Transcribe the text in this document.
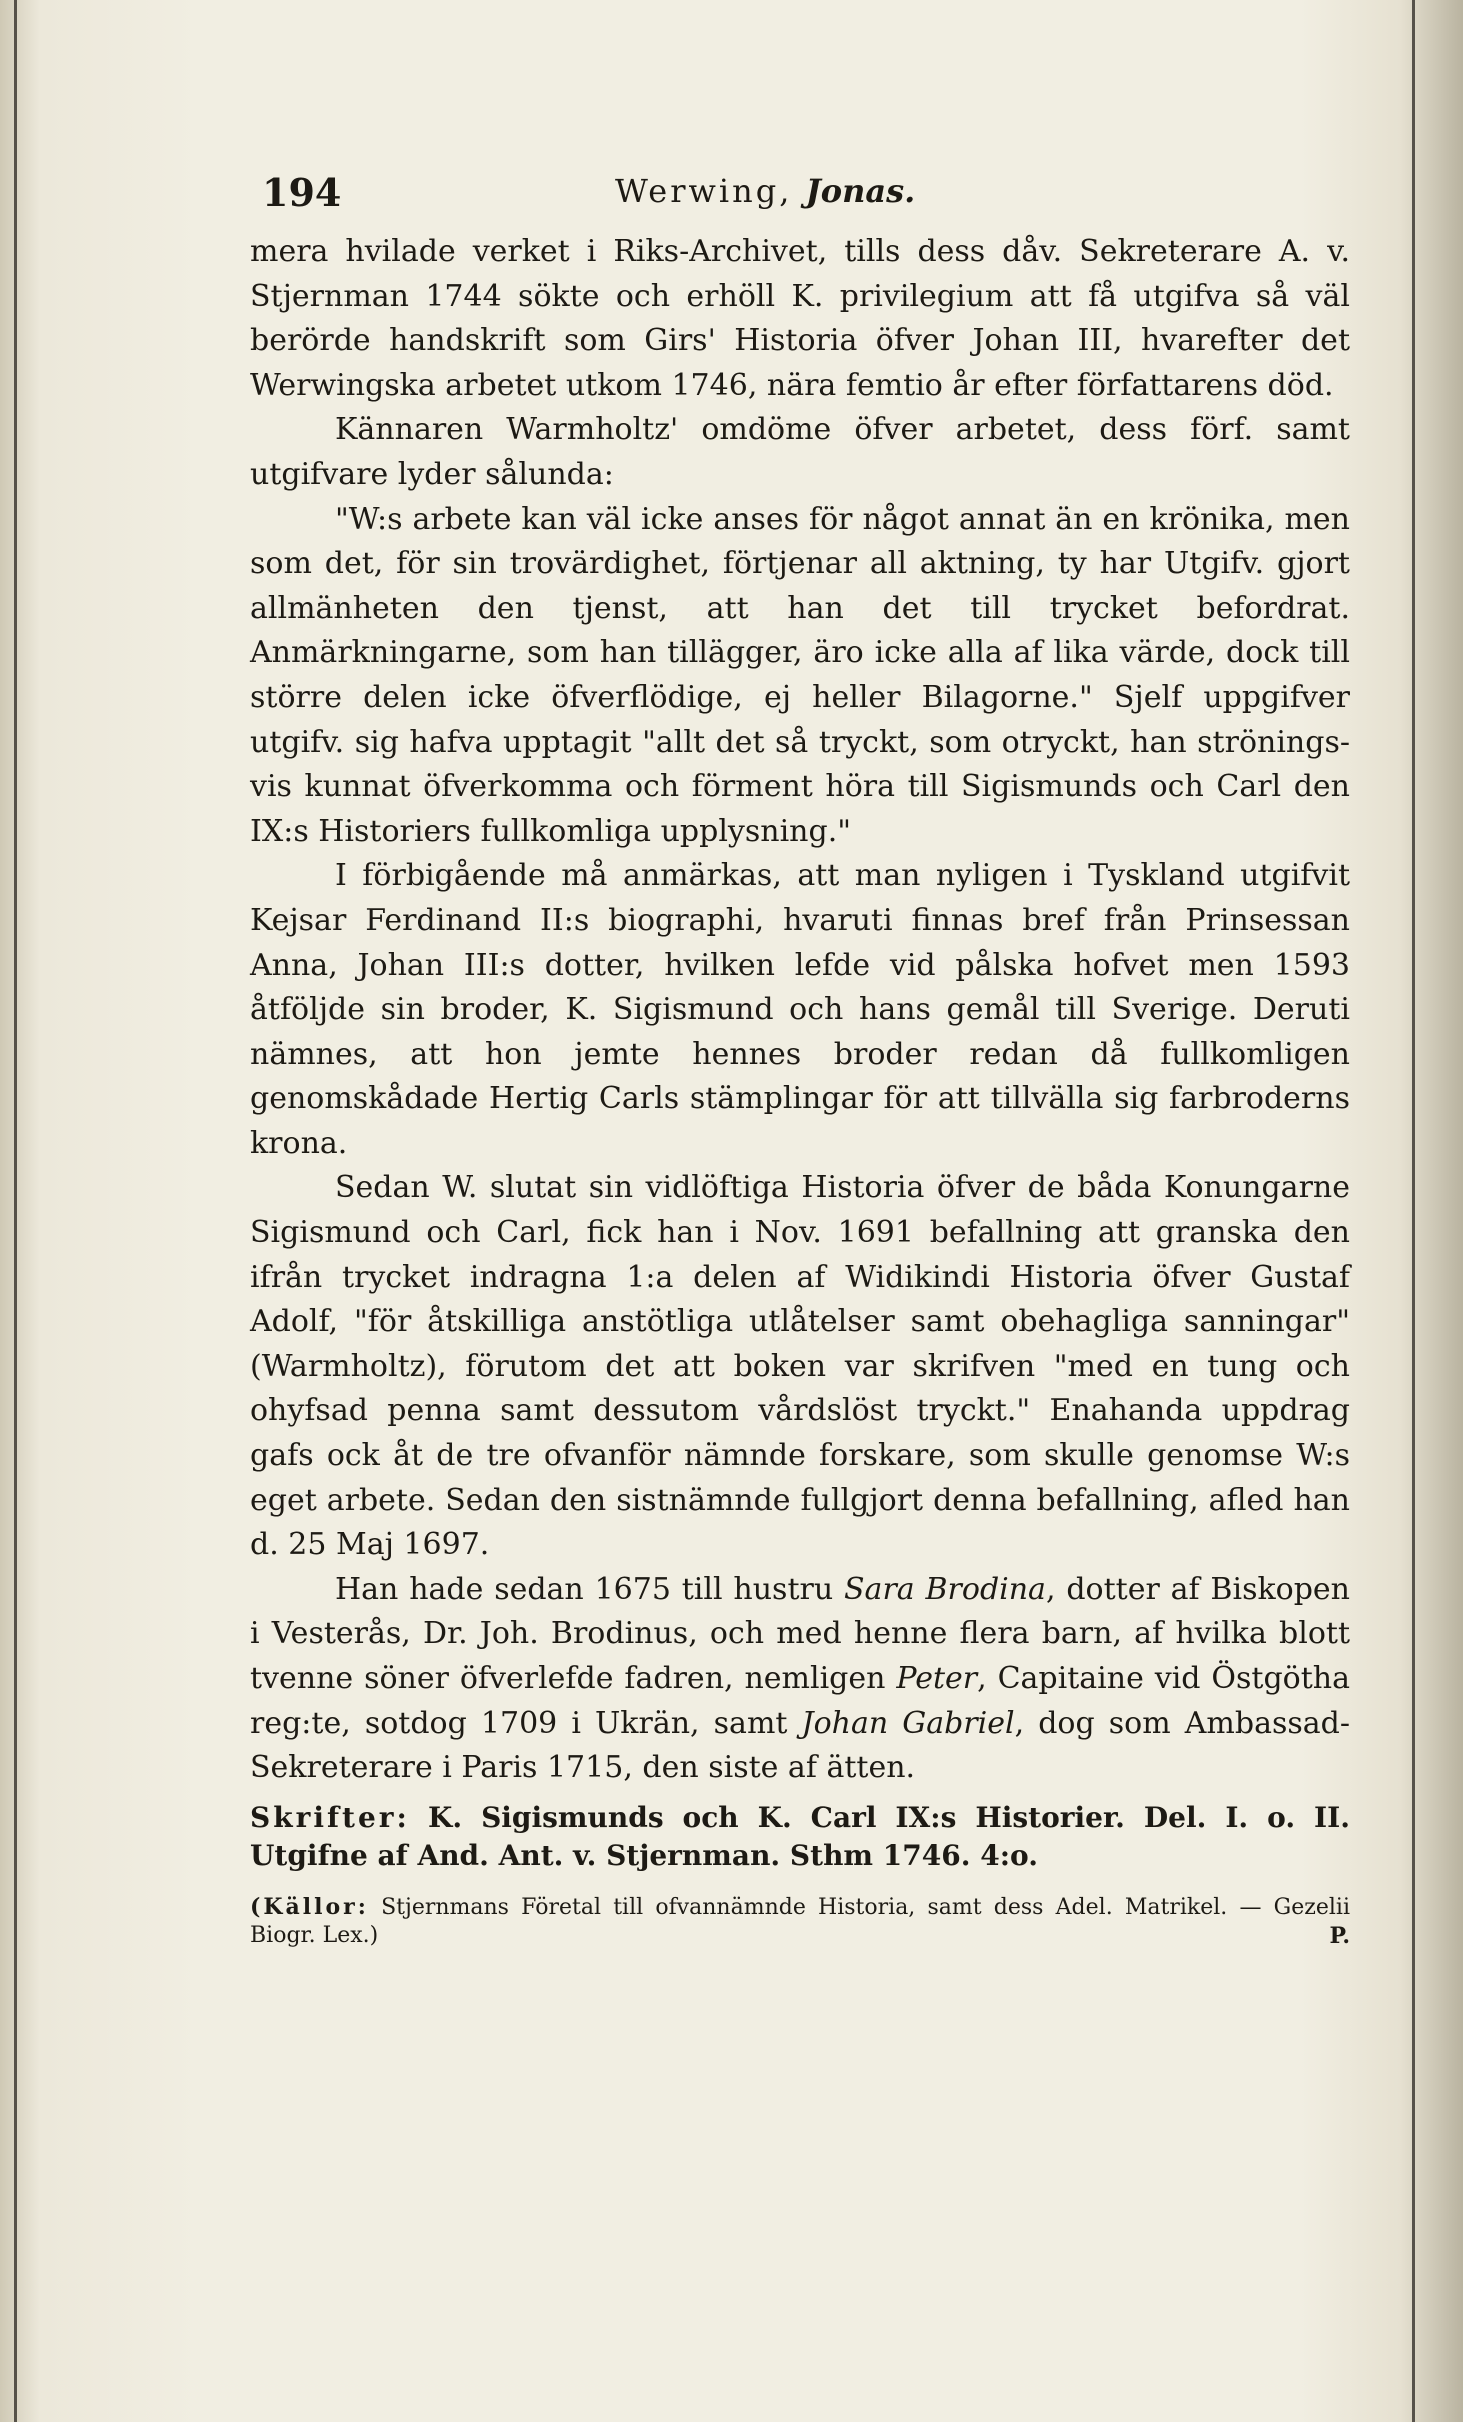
194	Werwing, Jonas.

mera hvilade verket i Riks-Archivet, tills dess dåv. Sekreterare A. v. Stjernman 1744 sökte och erhöll K. privilegium att få utgifva så väl berörde handskrift som Girs' Historia öfver Johan III, hvarefter det Werwingska arbetet utkom 1746, nära femtio år efter författarens död.

Kännaren Warmholtz' omdöme öfver arbetet, dess förf. samt utgifvare lyder sålunda:

"W:s arbete kan väl icke anses för något annat än en krönika, men som det, för sin trovärdighet, förtjenar all aktning, ty har Utgifv. gjort allmänheten den tjenst, att han det till trycket befordrat. Anmärkningarne, som han tillägger, äro icke alla af lika värde, dock till större delen icke öfverflödige, ej heller Bilagorne." Sjelf uppgifver utgifv. sig hafva upptagit "allt det så tryckt, som otryckt, han strönings-vis kunnat öfverkomma och förment höra till Sigismunds och Carl den IX:s Historiers fullkomliga upplysning."

I förbigående må anmärkas, att man nyligen i Tyskland utgifvit Kejsar Ferdinand II:s biographi, hvaruti finnas bref från Prinsessan Anna, Johan III:s dotter, hvilken lefde vid pålska hofvet men 1593 åtföljde sin broder, K. Sigismund och hans gemål till Sverige. Deruti nämnes, att hon jemte hennes broder redan då fullkomligen genomskådade Hertig Carls stämplingar för att tillvälla sig farbroderns krona.

Sedan W. slutat sin vidlöftiga Historia öfver de båda Konungarne Sigismund och Carl, fick han i Nov. 1691 befallning att granska den ifrån trycket indragna 1:a delen af Widikindi Historia öfver Gustaf Adolf, "för åtskilliga anstötliga utlåtelser samt obehagliga sanningar" (Warmholtz), förutom det att boken var skrifven "med en tung och ohyfsad penna samt dessutom vårdslöst tryckt." Enahanda uppdrag gafs ock åt de tre ofvanför nämnde forskare, som skulle genomse W:s eget arbete. Sedan den sistnämnde fullgjort denna befallning, afled han d. 25 Maj 1697.

Han hade sedan 1675 till hustru Sara Brodina, dotter af Biskopen i Vesterås, Dr. Joh. Brodinus, och med henne flera barn, af hvilka blott tvenne söner öfverlefde fadren, nemligen Peter, Capitaine vid Östgötha reg:te, sotdog 1709 i Ukrän, samt Johan Gabriel, dog som Ambassad-Sekreterare i Paris 1715, den siste af ätten.

Skrifter: K. Sigismunds och K. Carl IX:s Historier. Del. I. o. II. Utgifne af And. Ant. v. Stjernman. Sthm 1746. 4:o.

(Källor: Stjernmans Företal till ofvannämnde Historia, samt dess Adel. Matrikel. — Gezelii Biogr. Lex.)	P.
